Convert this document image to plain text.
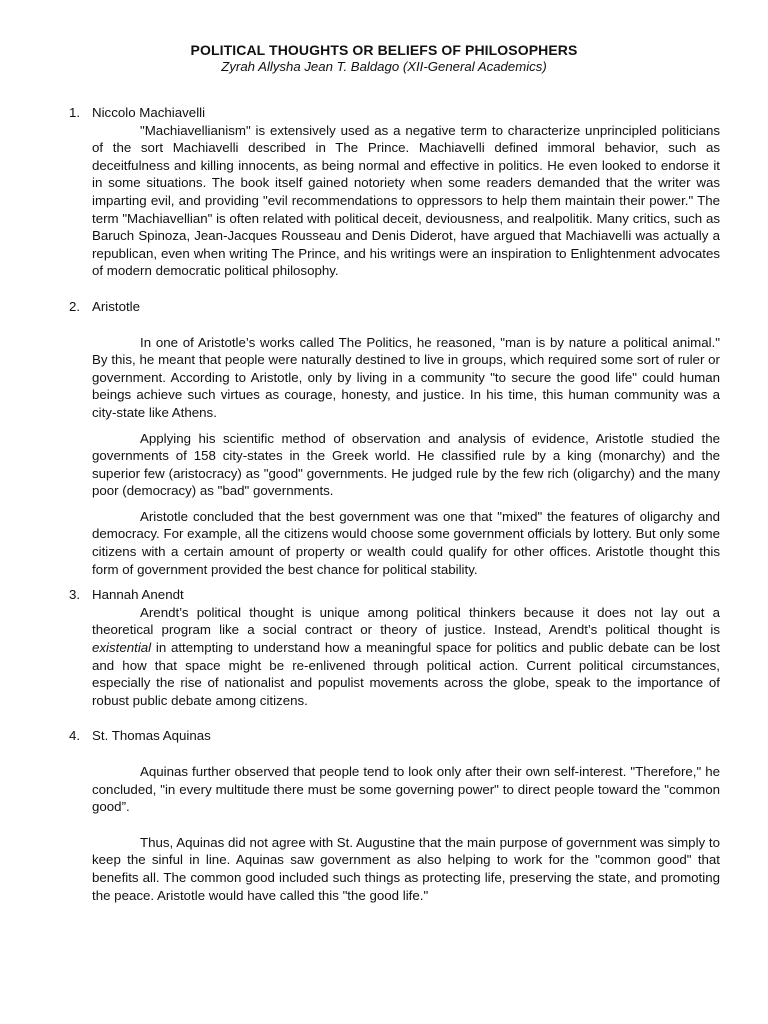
POLITICAL THOUGHTS OR BELIEFS OF PHILOSOPHERS
Zyrah Allysha Jean T. Baldago (XII-General Academics)
1. Niccolo Machiavelli

"Machiavellianism" is extensively used as a negative term to characterize unprincipled politicians of the sort Machiavelli described in The Prince. Machiavelli defined immoral behavior, such as deceitfulness and killing innocents, as being normal and effective in politics. He even looked to endorse it in some situations. The book itself gained notoriety when some readers demanded that the writer was imparting evil, and providing "evil recommendations to oppressors to help them maintain their power." The term "Machiavellian" is often related with political deceit, deviousness, and realpolitik. Many critics, such as Baruch Spinoza, Jean-Jacques Rousseau and Denis Diderot, have argued that Machiavelli was actually a republican, even when writing The Prince, and his writings were an inspiration to Enlightenment advocates of modern democratic political philosophy.

2. Aristotle

In one of Aristotle’s works called The Politics, he reasoned, "man is by nature a political animal." By this, he meant that people were naturally destined to live in groups, which required some sort of ruler or government. According to Aristotle, only by living in a community "to secure the good life" could human beings achieve such virtues as courage, honesty, and justice. In his time, this human community was a city-state like Athens.

Applying his scientific method of observation and analysis of evidence, Aristotle studied the governments of 158 city-states in the Greek world. He classified rule by a king (monarchy) and the superior few (aristocracy) as "good" governments. He judged rule by the few rich (oligarchy) and the many poor (democracy) as "bad" governments.

Aristotle concluded that the best government was one that "mixed" the features of oligarchy and democracy. For example, all the citizens would choose some government officials by lottery. But only some citizens with a certain amount of property or wealth could qualify for other offices. Aristotle thought this form of government provided the best chance for political stability.

3. Hannah Anendt

Arendt’s political thought is unique among political thinkers because it does not lay out a theoretical program like a social contract or theory of justice. Instead, Arendt’s political thought is existential in attempting to understand how a meaningful space for politics and public debate can be lost and how that space might be re-enlivened through political action. Current political circumstances, especially the rise of nationalist and populist movements across the globe, speak to the importance of robust public debate among citizens.

4. St. Thomas Aquinas

Aquinas further observed that people tend to look only after their own self-interest. "Therefore," he concluded, "in every multitude there must be some governing power" to direct people toward the "common good”.

Thus, Aquinas did not agree with St. Augustine that the main purpose of government was simply to keep the sinful in line. Aquinas saw government as also helping to work for the "common good" that benefits all. The common good included such things as protecting life, preserving the state, and promoting the peace. Aristotle would have called this "the good life."
